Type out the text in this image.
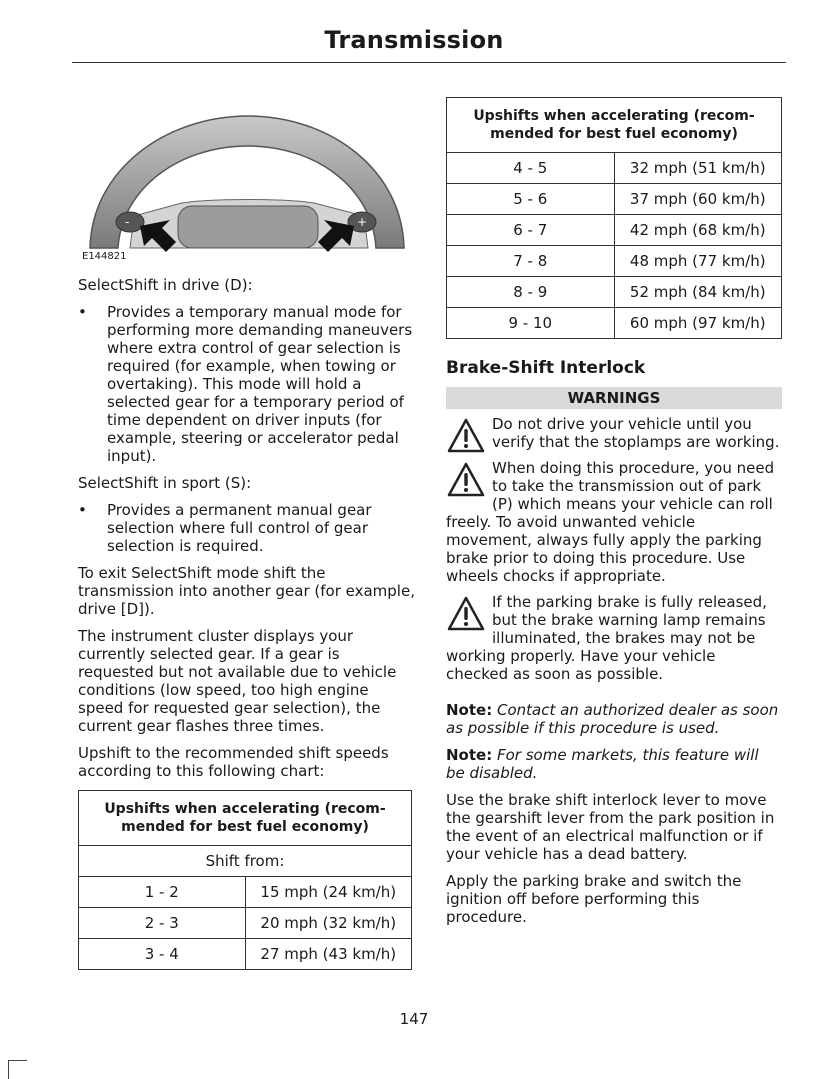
Transmission
-	+
E144821

SelectShift in drive (D):

• Provides a temporary manual mode for performing more demanding maneuvers where extra control of gear selection is required (for example, when towing or overtaking). This mode will hold a selected gear for a temporary period of time dependent on driver inputs (for example, steering or accelerator pedal input).

SelectShift in sport (S):

• Provides a permanent manual gear selection where full control of gear selection is required.

To exit SelectShift mode shift the transmission into another gear (for example, drive [D]).

The instrument cluster displays your currently selected gear. If a gear is requested but not available due to vehicle conditions (low speed, too high engine speed for requested gear selection), the current gear flashes three times.

Upshift to the recommended shift speeds according to this following chart:

Upshifts when accelerating (recom-mended for best fuel economy)	
Shift from:	
1 - 2	15 mph (24 km/h)
2 - 3	20 mph (32 km/h)
3 - 4	27 mph (43 km/h)
Upshifts when accelerating (recom-mended for best fuel economy)	
4 - 5	32 mph (51 km/h)
5 - 6	37 mph (60 km/h)
6 - 7	42 mph (68 km/h)
7 - 8	48 mph (77 km/h)
8 - 9	52 mph (84 km/h)
9 - 10	60 mph (97 km/h)
Brake-Shift Interlock
WARNINGS
Do not drive your vehicle until you verify that the stoplamps are working.
When doing this procedure, you need to take the transmission out of park (P) which means your vehicle can roll freely. To avoid unwanted vehicle movement, always fully apply the parking brake prior to doing this procedure. Use wheels chocks if appropriate.
If the parking brake is fully released, but the brake warning lamp remains illuminated, the brakes may not be working properly. Have your vehicle checked as soon as possible.

Note: Contact an authorized dealer as soon as possible if this procedure is used.

Note: For some markets, this feature will be disabled.

Use the brake shift interlock lever to move the gearshift lever from the park position in the event of an electrical malfunction or if your vehicle has a dead battery.

Apply the parking brake and switch the ignition off before performing this procedure.

147
